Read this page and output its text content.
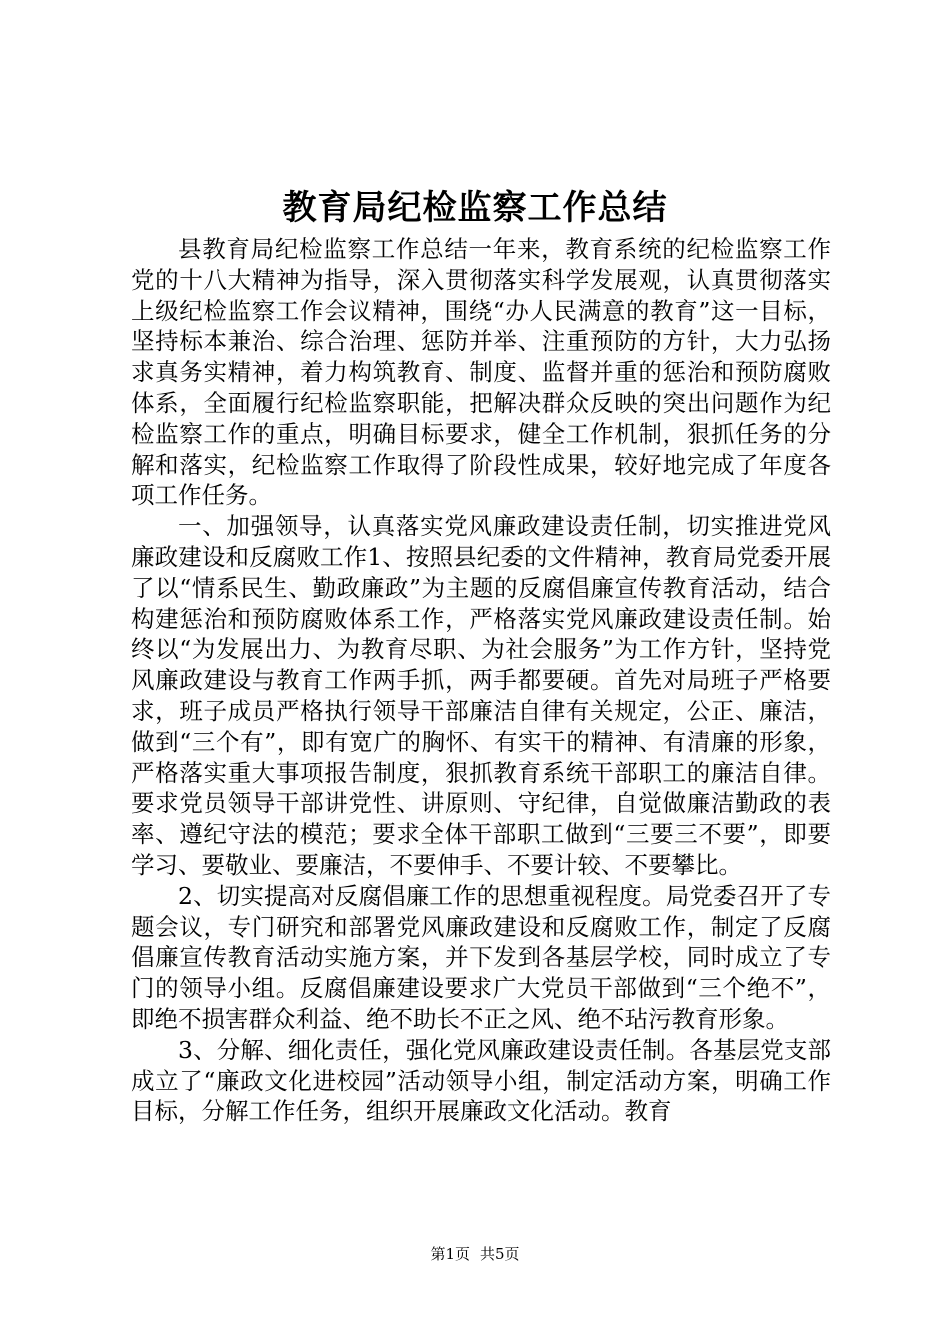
教育局纪检监察工作总结

县教育局纪检监察工作总结一年来，教育系统的纪检监察工作党的十八大精神为指导，深入贯彻落实科学发展观，认真贯彻落实上级纪检监察工作会议精神，围绕“办人民满意的教育”这一目标，坚持标本兼治、综合治理、惩防并举、注重预防的方针，大力弘扬求真务实精神，着力构筑教育、制度、监督并重的惩治和预防腐败体系，全面履行纪检监察职能，把解决群众反映的突出问题作为纪检监察工作的重点，明确目标要求，健全工作机制，狠抓任务的分解和落实，纪检监察工作取得了阶段性成果，较好地完成了年度各项工作任务。

一、加强领导，认真落实党风廉政建设责任制，切实推进党风廉政建设和反腐败工作1、按照县纪委的文件精神，教育局党委开展了以“情系民生、勤政廉政”为主题的反腐倡廉宣传教育活动，结合构建惩治和预防腐败体系工作，严格落实党风廉政建设责任制。始终以“为发展出力、为教育尽职、为社会服务”为工作方针，坚持党风廉政建设与教育工作两手抓，两手都要硬。首先对局班子严格要求，班子成员严格执行领导干部廉洁自律有关规定，公正、廉洁，做到“三个有”，即有宽广的胸怀、有实干的精神、有清廉的形象，严格落实重大事项报告制度，狠抓教育系统干部职工的廉洁自律。要求党员领导干部讲党性、讲原则、守纪律，自觉做廉洁勤政的表率、遵纪守法的模范；要求全体干部职工做到“三要三不要”，即要学习、要敬业、要廉洁，不要伸手、不要计较、不要攀比。

2、切实提高对反腐倡廉工作的思想重视程度。局党委召开了专题会议，专门研究和部署党风廉政建设和反腐败工作，制定了反腐倡廉宣传教育活动实施方案，并下发到各基层学校，同时成立了专门的领导小组。反腐倡廉建设要求广大党员干部做到“三个绝不”，即绝不损害群众利益、绝不助长不正之风、绝不玷污教育形象。

3、分解、细化责任，强化党风廉政建设责任制。各基层党支部成立了“廉政文化进校园”活动领导小组，制定活动方案，明确工作目标，分解工作任务，组织开展廉政文化活动。教育

第1页 共5页
